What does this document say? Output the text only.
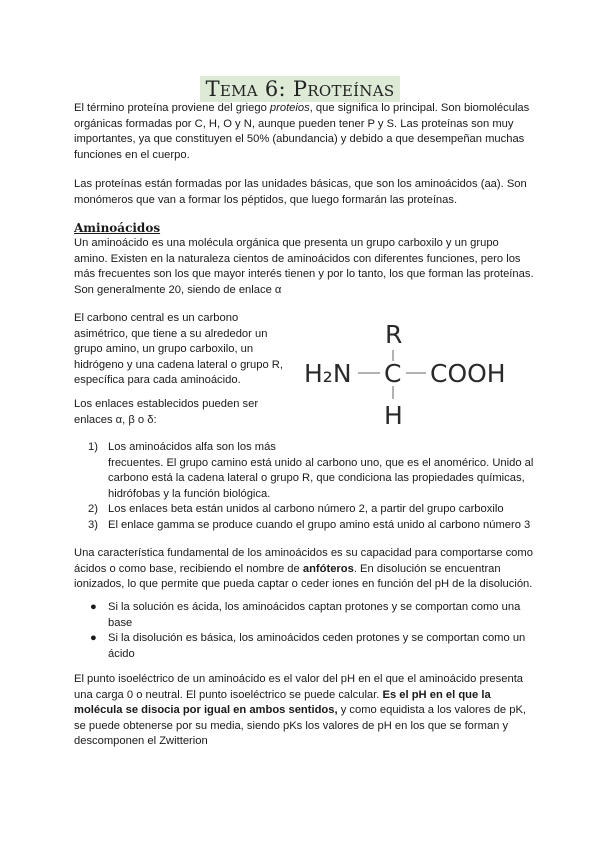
Tema 6: Proteínas

El término proteína proviene del griego proteios, que significa lo principal. Son biomoléculas orgánicas formadas por C, H, O y N, aunque pueden tener P y S. Las proteínas son muy importantes, ya que constituyen el 50% (abundancia) y debido a que desempeñan muchas funciones en el cuerpo.

Las proteínas están formadas por las unidades básicas, que son los aminoácidos (aa). Son monómeros que van a formar los péptidos, que luego formarán las proteínas.

Aminoácidos

Un aminoácido es una molécula orgánica que presenta un grupo carboxilo y un grupo amino. Existen en la naturaleza cientos de aminoácidos con diferentes funciones, pero los más frecuentes son los que mayor interés tienen y por lo tanto, los que forman las proteínas. Son generalmente 20, siendo de enlace α

El carbono central es un carbono asimétrico, que tiene a su alrededor un grupo amino, un grupo carboxilo, un hidrógeno y una cadena lateral o grupo R, específica para cada aminoácido.

Los enlaces establecidos pueden ser enlaces α, β o δ:

R
H₂N C COOH
H
1) Los aminoácidos alfa son los más
frecuentes. El grupo camino está unido al carbono uno, que es el anomérico. Unido al carbono está la cadena lateral o grupo R, que condiciona las propiedades químicas, hidrófobas y la función biológica.
2) Los enlaces beta están unidos al carbono número 2, a partir del grupo carboxilo
3) El enlace gamma se produce cuando el grupo amino está unido al carbono número 3

Una característica fundamental de los aminoácidos es su capacidad para comportarse como ácidos o como base, recibiendo el nombre de anfóteros. En disolución se encuentran ionizados, lo que permite que pueda captar o ceder iones en función del pH de la disolución.

● Si la solución es ácida, los aminoácidos captan protones y se comportan como una base
● Si la disolución es básica, los aminoácidos ceden protones y se comportan como un ácido

El punto isoeléctrico de un aminoácido es el valor del pH en el que el aminoácido presenta una carga 0 o neutral. El punto isoeléctrico se puede calcular. Es el pH en el que la molécula se disocia por igual en ambos sentidos, y como equidista a los valores de pK, se puede obtenerse por su media, siendo pKs los valores de pH en los que se forman y descomponen el Zwitterion
